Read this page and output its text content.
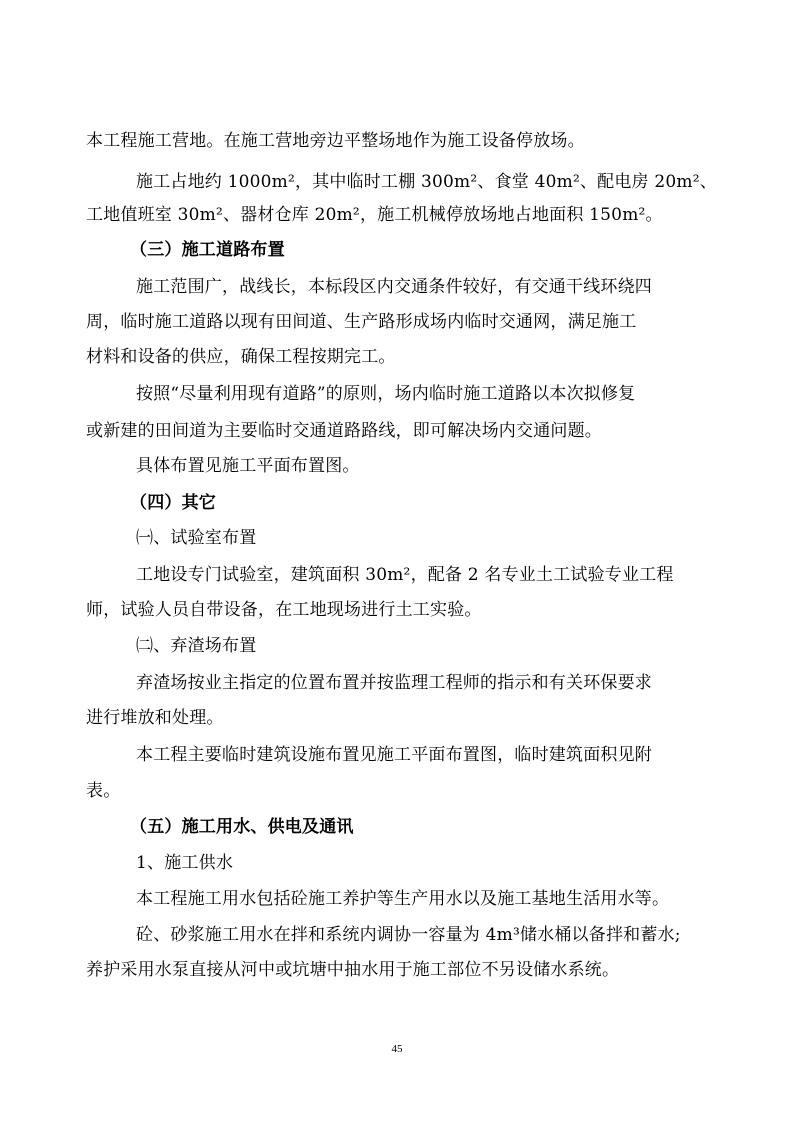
本工程施工营地。在施工营地旁边平整场地作为施工设备停放场。
施工占地约 1000m²，其中临时工棚 300m²、食堂 40m²、配电房 20m²、
工地值班室 30m²、器材仓库 20m²，施工机械停放场地占地面积 150m²。
（三）施工道路布置
施工范围广，战线长，本标段区内交通条件较好，有交通干线环绕四
周，临时施工道路以现有田间道、生产路形成场内临时交通网，满足施工
材料和设备的供应，确保工程按期完工。
按照“尽量利用现有道路”的原则，场内临时施工道路以本次拟修复
或新建的田间道为主要临时交通道路路线，即可解决场内交通问题。
具体布置见施工平面布置图。
（四）其它
㈠、试验室布置
工地设专门试验室，建筑面积 30m²，配备 2 名专业土工试验专业工程
师，试验人员自带设备，在工地现场进行土工实验。
㈡、弃渣场布置
弃渣场按业主指定的位置布置并按监理工程师的指示和有关环保要求
进行堆放和处理。
本工程主要临时建筑设施布置见施工平面布置图，临时建筑面积见附
表。
（五）施工用水、供电及通讯
1、施工供水
本工程施工用水包括砼施工养护等生产用水以及施工基地生活用水等。
砼、砂浆施工用水在拌和系统内调协一容量为 4m³储水桶以备拌和蓄水;
养护采用水泵直接从河中或坑塘中抽水用于施工部位不另设储水系统。
45
